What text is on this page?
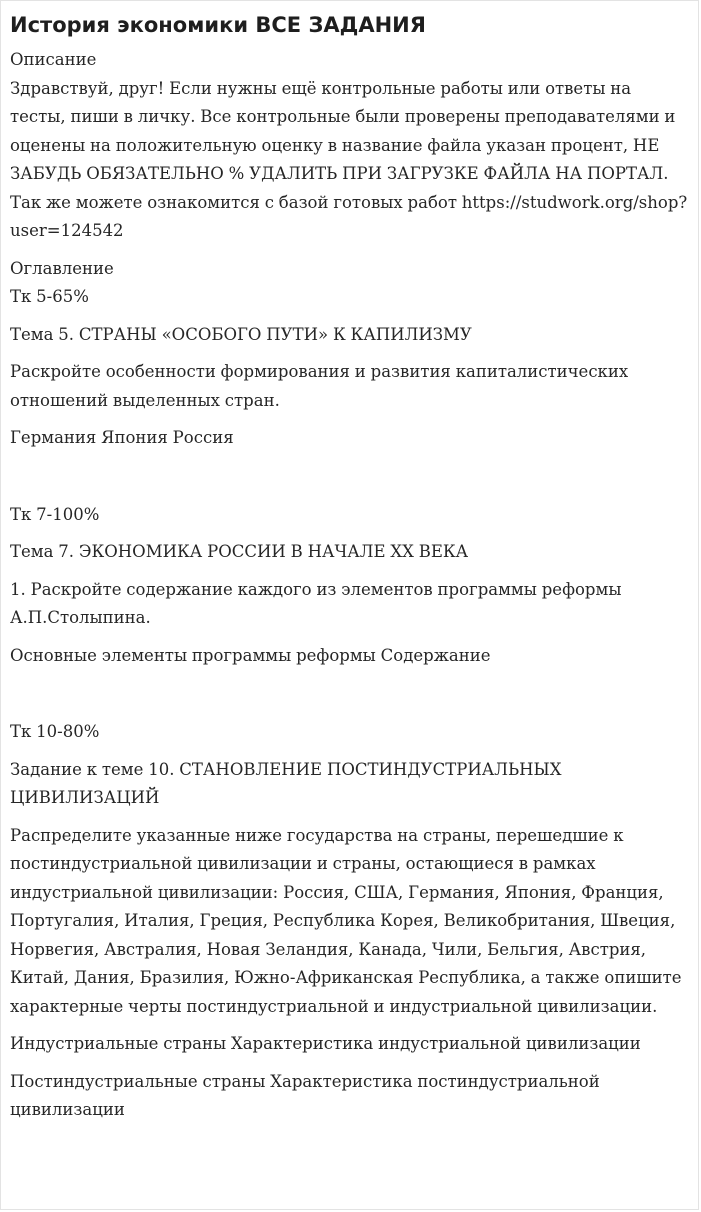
История экономики ВСЕ ЗАДАНИЯ

Описание

Здравствуй, друг! Если нужны ещё контрольные работы или ответы на тесты, пиши в личку. Все контрольные были проверены преподавателями и оценены на положительную оценку в название файла указан процент, НЕ ЗАБУДЬ ОБЯЗАТЕЛЬНО % УДАЛИТЬ ПРИ ЗАГРУЗКЕ ФАЙЛА НА ПОРТАЛ. Так же можете ознакомится с базой готовых работ https://studwork.org/shop?user=124542

Оглавление

Тк 5-65%

Тема 5. СТРАНЫ «ОСОБОГО ПУТИ» К КАПИЛИЗМУ

Раскройте особенности формирования и развития капиталистических отношений выделенных стран.

Германия Япония Россия

Тк 7-100%

Тема 7. ЭКОНОМИКА РОССИИ В НАЧАЛЕ XX ВЕКА

1. Раскройте содержание каждого из элементов программы реформы А.П.Столыпина.

Основные элементы программы реформы Содержание

Тк 10-80%

Задание к теме 10. СТАНОВЛЕНИЕ ПОСТИНДУСТРИАЛЬНЫХ ЦИВИЛИЗАЦИЙ

Распределите указанные ниже государства на страны, перешедшие к постиндустриальной цивилизации и страны, остающиеся в рамках индустриальной цивилизации: Россия, США, Германия, Япония, Франция, Португалия, Италия, Греция, Республика Корея, Великобритания, Швеция, Норвегия, Австралия, Новая Зеландия, Канада, Чили, Бельгия, Австрия, Китай, Дания, Бразилия, Южно-Африканская Республика, а также опишите характерные черты постиндустриальной и индустриальной цивилизации.

Индустриальные страны Характеристика индустриальной цивилизации

Постиндустриальные страны Характеристика постиндустриальной цивилизации
